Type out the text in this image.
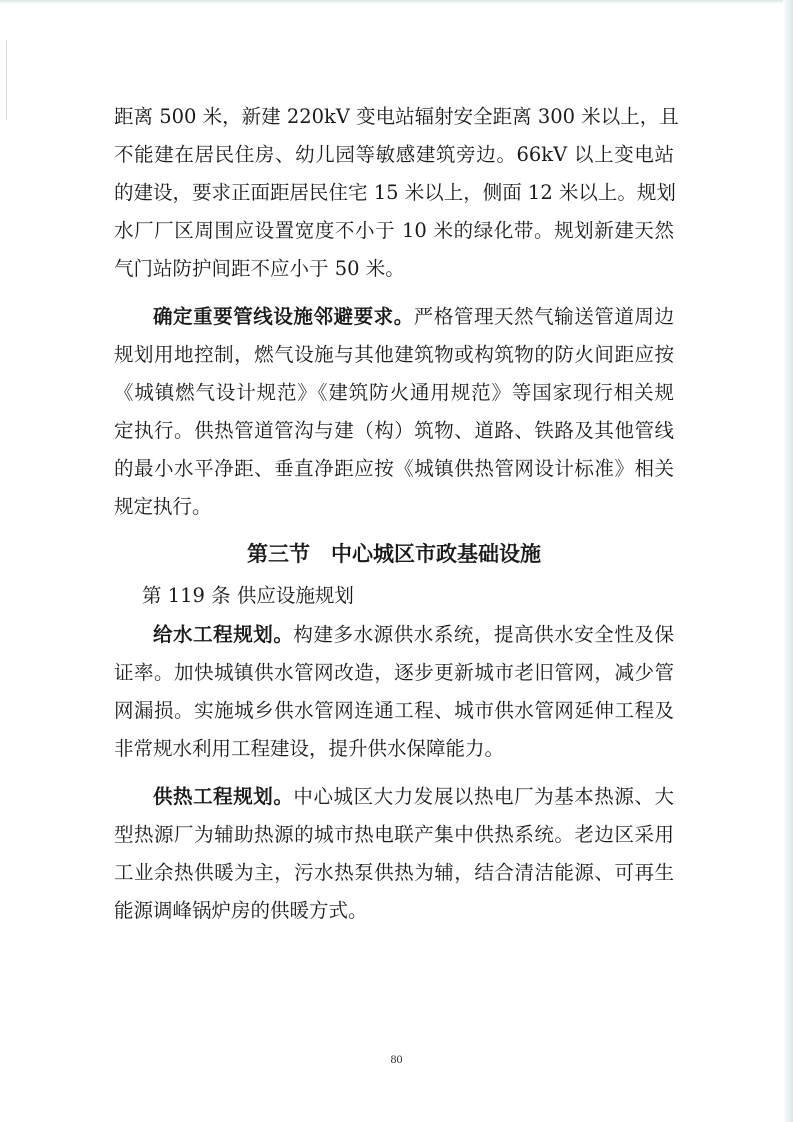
距离 500 米，新建 220kV 变电站辐射安全距离 300 米以上，且
不能建在居民住房、幼儿园等敏感建筑旁边。66kV 以上变电站
的建设，要求正面距居民住宅 15 米以上，侧面 12 米以上。规划
水厂厂区周围应设置宽度不小于 10 米的绿化带。规划新建天然
气门站防护间距不应小于 50 米。
确定重要管线设施邻避要求。严格管理天然气输送管道周边
规划用地控制，燃气设施与其他建筑物或构筑物的防火间距应按
《城镇燃气设计规范》《建筑防火通用规范》等国家现行相关规
定执行。供热管道管沟与建（构）筑物、道路、铁路及其他管线
的最小水平净距、垂直净距应按《城镇供热管网设计标准》相关
规定执行。
第三节　中心城区市政基础设施
第 119 条 供应设施规划
给水工程规划。构建多水源供水系统，提高供水安全性及保
证率。加快城镇供水管网改造，逐步更新城市老旧管网，减少管
网漏损。实施城乡供水管网连通工程、城市供水管网延伸工程及
非常规水利用工程建设，提升供水保障能力。
供热工程规划。中心城区大力发展以热电厂为基本热源、大
型热源厂为辅助热源的城市热电联产集中供热系统。老边区采用
工业余热供暖为主，污水热泵供热为辅，结合清洁能源、可再生
能源调峰锅炉房的供暖方式。
80
